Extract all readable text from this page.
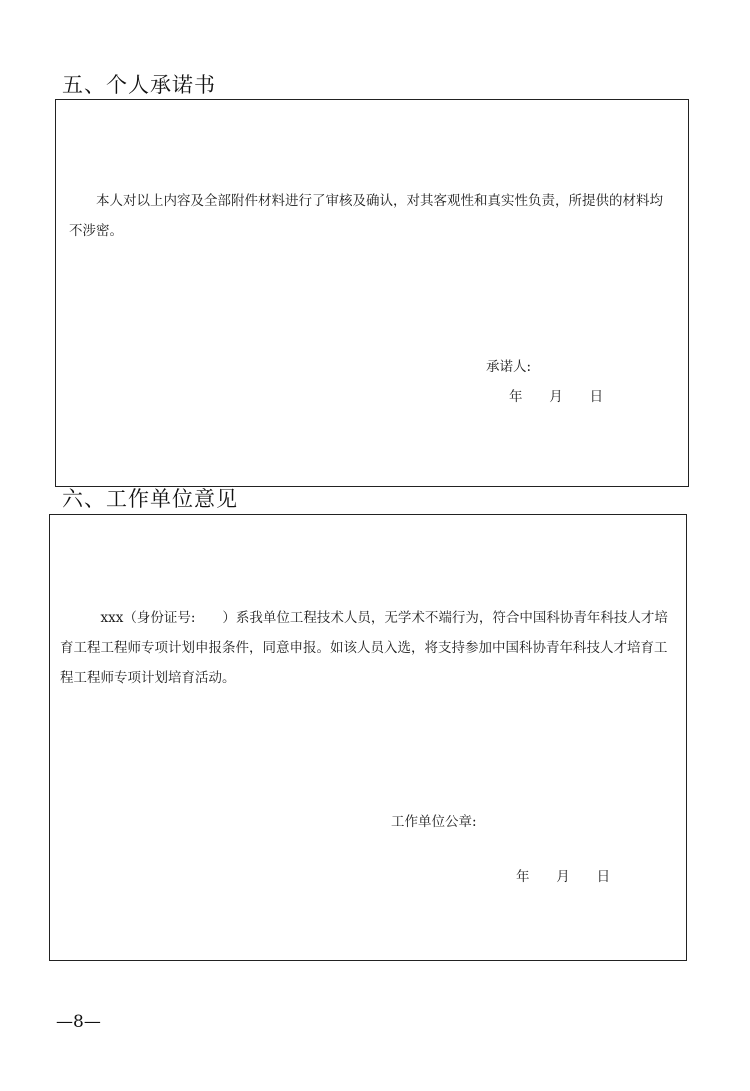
五、个人承诺书

本人对以上内容及全部附件材料进行了审核及确认，对其客观性和真实性负责，所提供的材料均不涉密。

承诺人:
年 月 日
六、工作单位意见

xxx（身份证号:　　）系我单位工程技术人员，无学术不端行为，符合中国科协青年科技人才培育工程工程师专项计划申报条件，同意申报。如该人员入选，将支持参加中国科协青年科技人才培育工程工程师专项计划培育活动。

工作单位公章:
年 月 日
—8—
